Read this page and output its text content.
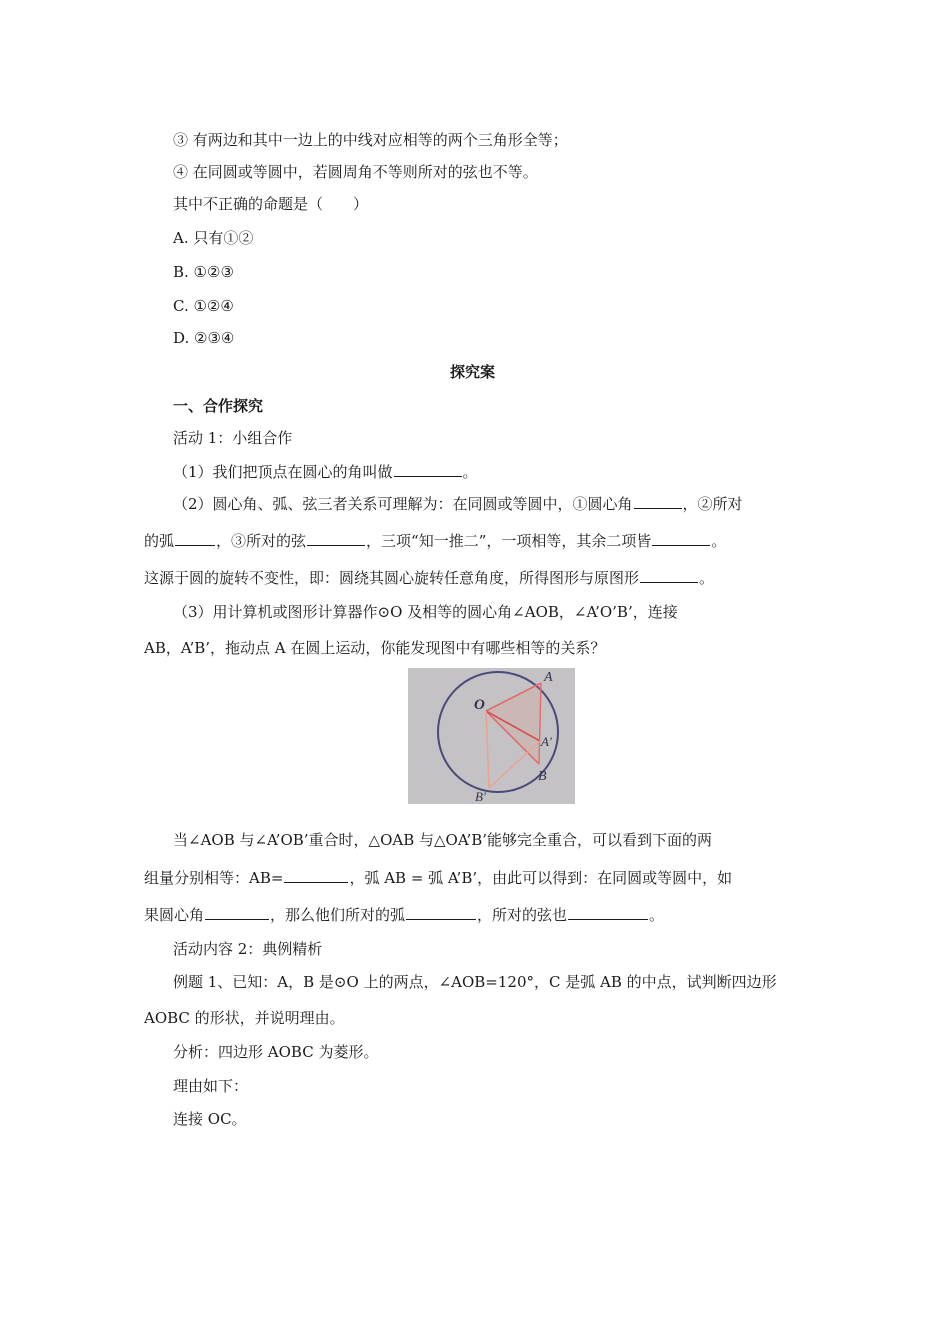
③ 有两边和其中一边上的中线对应相等的两个三角形全等；
④ 在同圆或等圆中，若圆周角不等则所对的弦也不等。
其中不正确的命题是（　　）
A. 只有①②
B. ①②③
C. ①②④
D. ②③④
探究案
一、合作探究
活动 1：小组合作
（1）我们把顶点在圆心的角叫做	。
（2）圆心角、弧、弦三者关系可理解为：在同圆或等圆中，①圆心角	，②所对
的弧	，③所对的弦	，三项“知一推二”，一项相等，其余二项皆	。
这源于圆的旋转不变性，即：圆绕其圆心旋转任意角度，所得图形与原图形	。
（3）用计算机或图形计算器作⊙O 及相等的圆心角∠AOB，∠A’O’B’，连接
AB，A’B’，拖动点 A 在圆上运动，你能发现图中有哪些相等的关系？
O
A
A'
B
B'
当∠AOB 与∠A’OB’重合时，△OAB 与△OA’B’能够完全重合，可以看到下面的两
组量分别相等：AB=	，弧 AB = 弧 A’B’，由此可以得到：在同圆或等圆中，如
果圆心角	，那么他们所对的弧	，所对的弦也	。
活动内容 2：典例精析
例题 1、已知：A，B 是⊙O 上的两点，∠AOB=120°，C 是弧 AB 的中点，试判断四边形
AOBC 的形状，并说明理由。
分析：四边形 AOBC 为菱形。
理由如下：
连接 OC。
